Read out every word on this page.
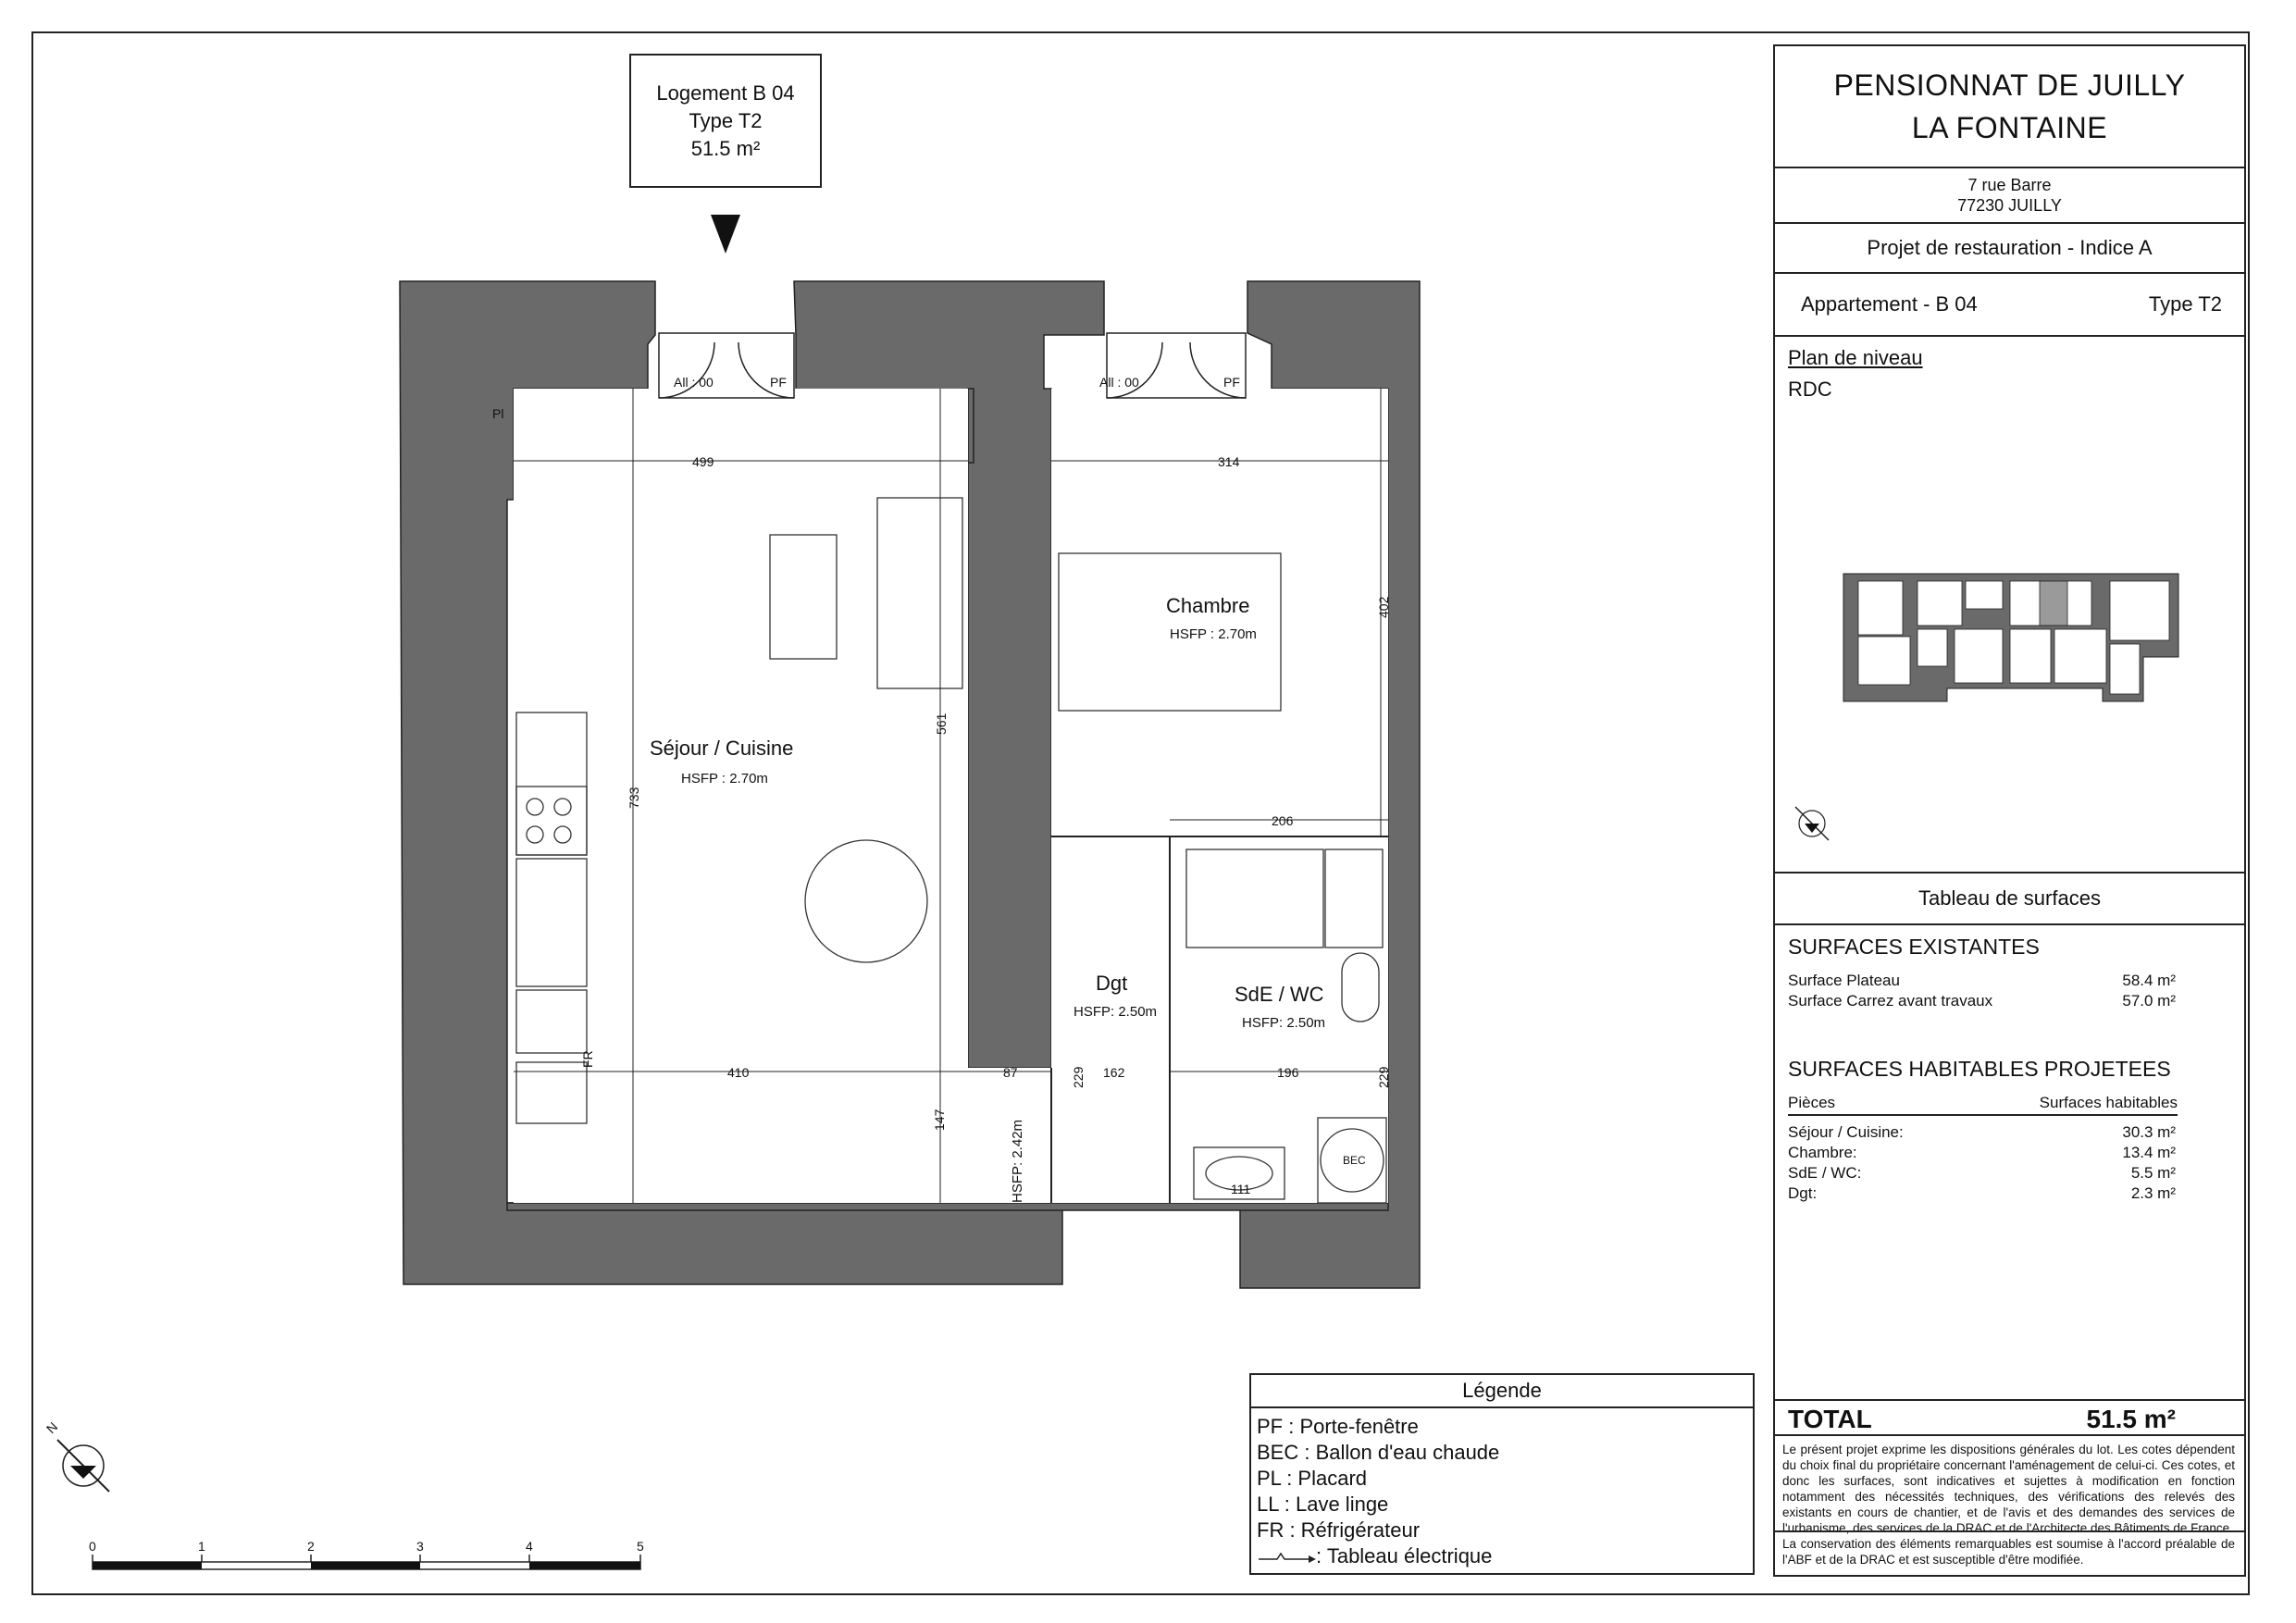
Logement B 04
Type T2
51.5 m²
499	314
402
561
733
206
410	87	229 162	196	229
147
111
All : 00	PF	All : 00	PF
Pl
FR
BEC
Chambre
HSFP : 2.70m
Séjour / Cuisine
HSFP : 2.70m
Dgt
HSFP: 2.50m
SdE / WC
HSFP: 2.50m
HSFP: 2.42m
N
0	1	2	3	4	5
Légende
PF : Porte-fenêtre
BEC : Ballon d'eau chaude
PL : Placard
LL : Lave linge
FR : Réfrigérateur
: Tableau électrique
PENSIONNAT DE JUILLY
LA FONTAINE
7 rue Barre
77230 JUILLY
Projet de restauration - Indice A
Appartement - B 04	Type T2
Plan de niveau
RDC
Tableau de surfaces
SURFACES EXISTANTES
Surface Plateau	58.4 m²
Surface Carrez avant travaux	57.0 m²
SURFACES HABITABLES PROJETEES
Pièces	Surfaces habitables
Séjour / Cuisine:	30.3 m²
Chambre:	13.4 m²
SdE / WC:	5.5 m²
Dgt:	2.3 m²
TOTAL	51.5 m²
Le présent projet exprime les dispositions générales du lot. Les cotes dépendent du choix final du propriétaire concernant l'aménagement de celui-ci. Ces cotes, et donc les surfaces, sont indicatives et sujettes à modification en fonction notamment des nécessités techniques, des vérifications des relevés des existants en cours de chantier, et de l'avis et des demandes des services de l'urbanisme, des services de la DRAC et de l'Architecte des Bâtiments de France.
La conservation des éléments remarquables est soumise à l'accord préalable de l'ABF et de la DRAC et est susceptible d'être modifiée.
